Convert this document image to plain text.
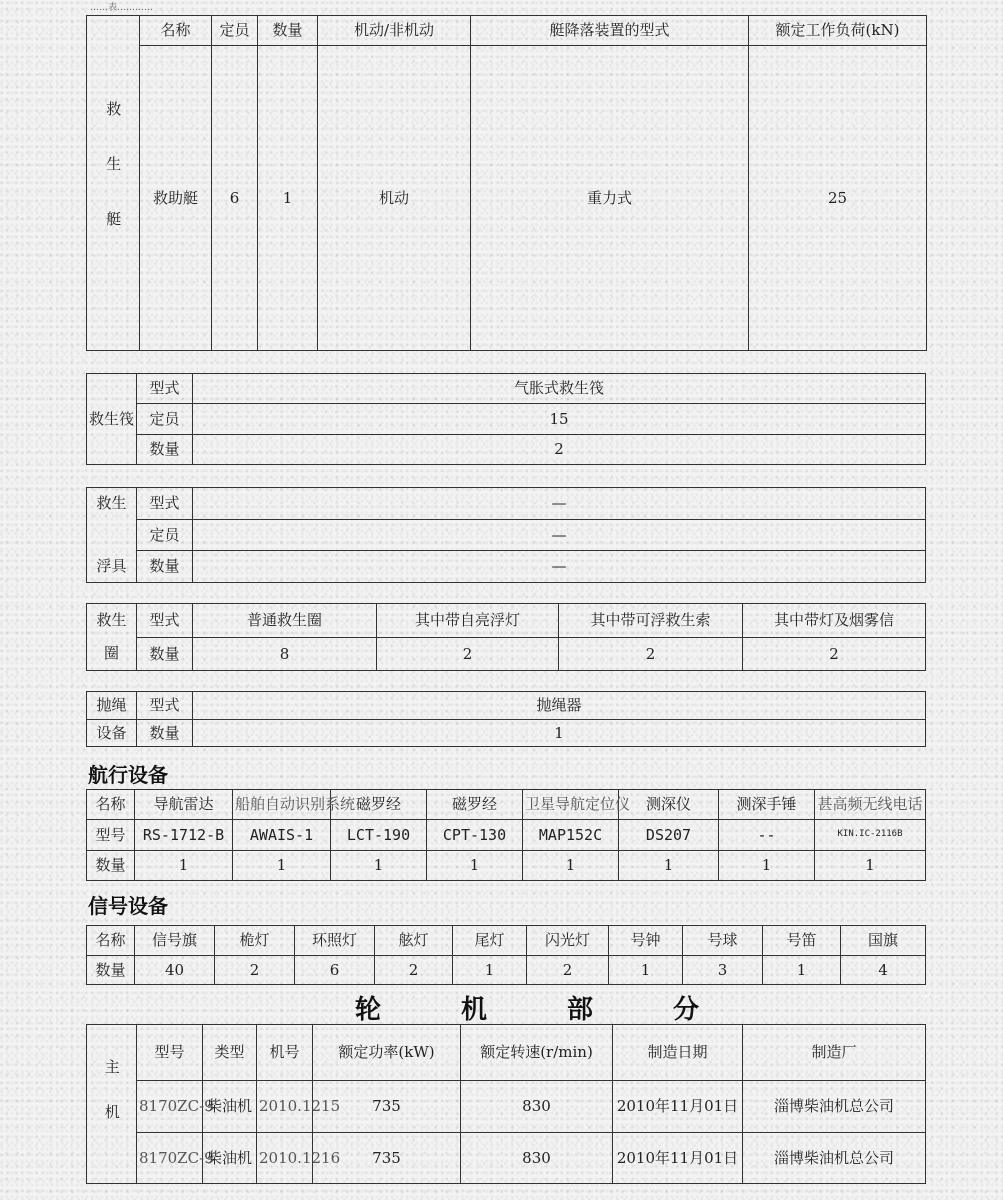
……表…………
救生艇	名称	定员	数量	机动/非机动	艇降落装置的型式	额定工作负荷(kN)
	救助艇	6	1	机动	重力式	25
救生筏	型式	气胀式救生筏
	定员	15
	数量	2
救生	型式	—
	定员	—
浮具	数量	—
救生	型式	普通救生圈	其中带自亮浮灯	其中带可浮救生索	其中带灯及烟雾信
圈	数量	8	2	2	2
抛绳	型式	抛绳器
设备	数量	1
航行设备
名称	导航雷达	船舶自动识别系统	磁罗经	磁罗经	卫星导航定位仪	测深仪	测深手锤	甚高频无线电话
型号	RS-1712-B	AWAIS-1	LCT-190	CPT-130	MAP152C	DS207	--	KIN.IC-2116B
数量	1	1	1	1	1	1	1	1
信号设备
名称	信号旗	桅灯	环照灯	舷灯	尾灯	闪光灯	号钟	号球	号笛	国旗
数量	40	2	6	2	1	2	1	3	1	4
轮机部分
主机	型号	类型	机号	额定功率(kW)	额定转速(r/min)	制造日期	制造厂
	8170ZC-9	柴油机	2010.1215	735	830	2010年11月01日	淄博柴油机总公司
	8170ZC-9	柴油机	2010.1216	735	830	2010年11月01日	淄博柴油机总公司
